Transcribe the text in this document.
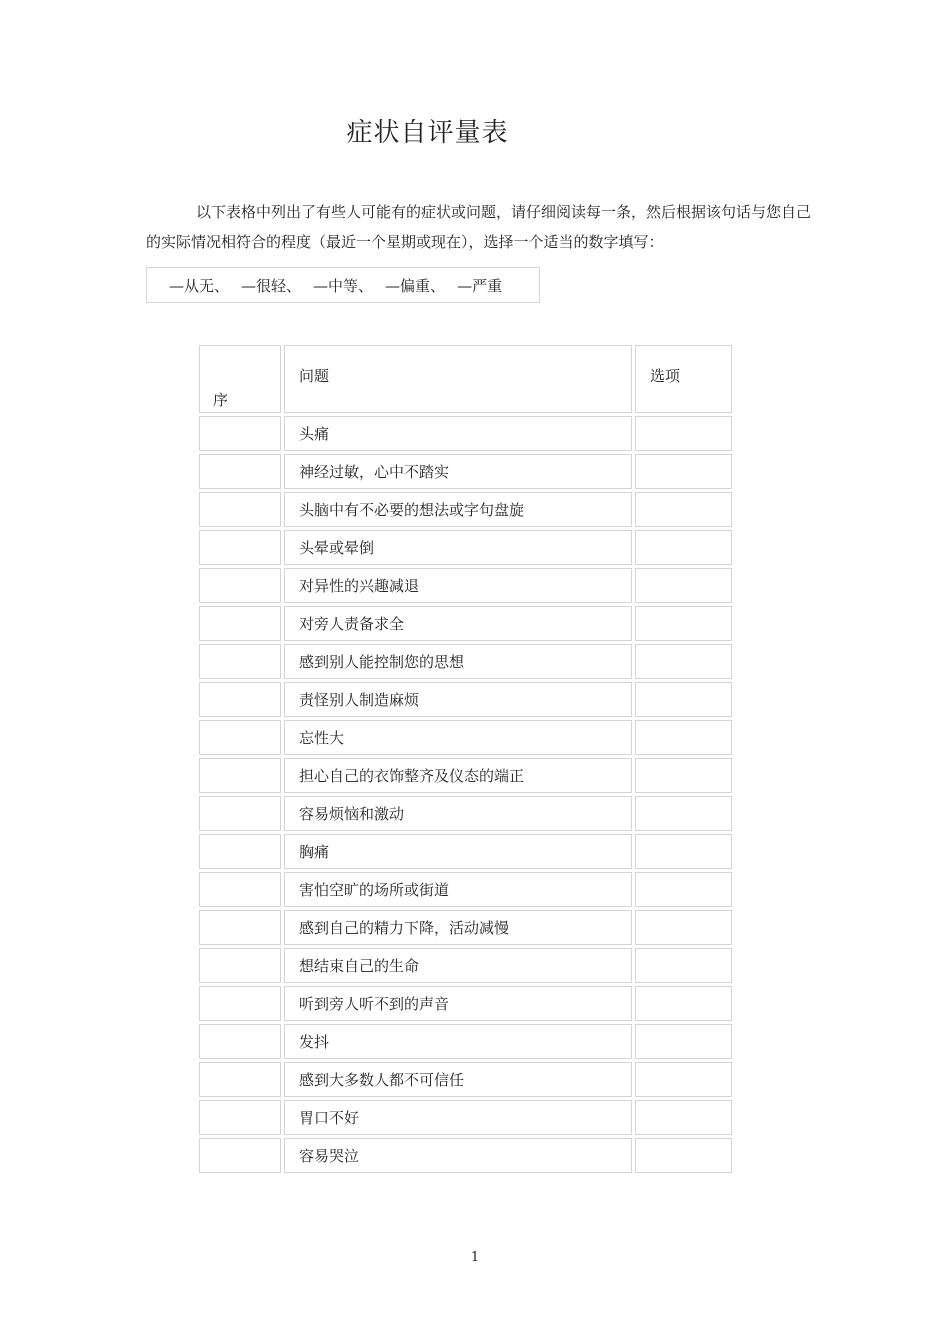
症状自评量表
以下表格中列出了有些人可能有的症状或问题，请仔细阅读每一条，然后根据该句话与您自己的实际情况相符合的程度（最近一个星期或现在），选择一个适当的数字填写：
—从无、 —很轻、 —中等、 —偏重、 —严重
序	问题	选项
	头痛	
	神经过敏，心中不踏实	
	头脑中有不必要的想法或字句盘旋	
	头晕或晕倒	
	对异性的兴趣减退	
	对旁人责备求全	
	感到别人能控制您的思想	
	责怪别人制造麻烦	
	忘性大	
	担心自己的衣饰整齐及仪态的端正	
	容易烦恼和激动	
	胸痛	
	害怕空旷的场所或街道	
	感到自己的精力下降，活动减慢	
	想结束自己的生命	
	听到旁人听不到的声音	
	发抖	
	感到大多数人都不可信任	
	胃口不好	
	容易哭泣	
1
